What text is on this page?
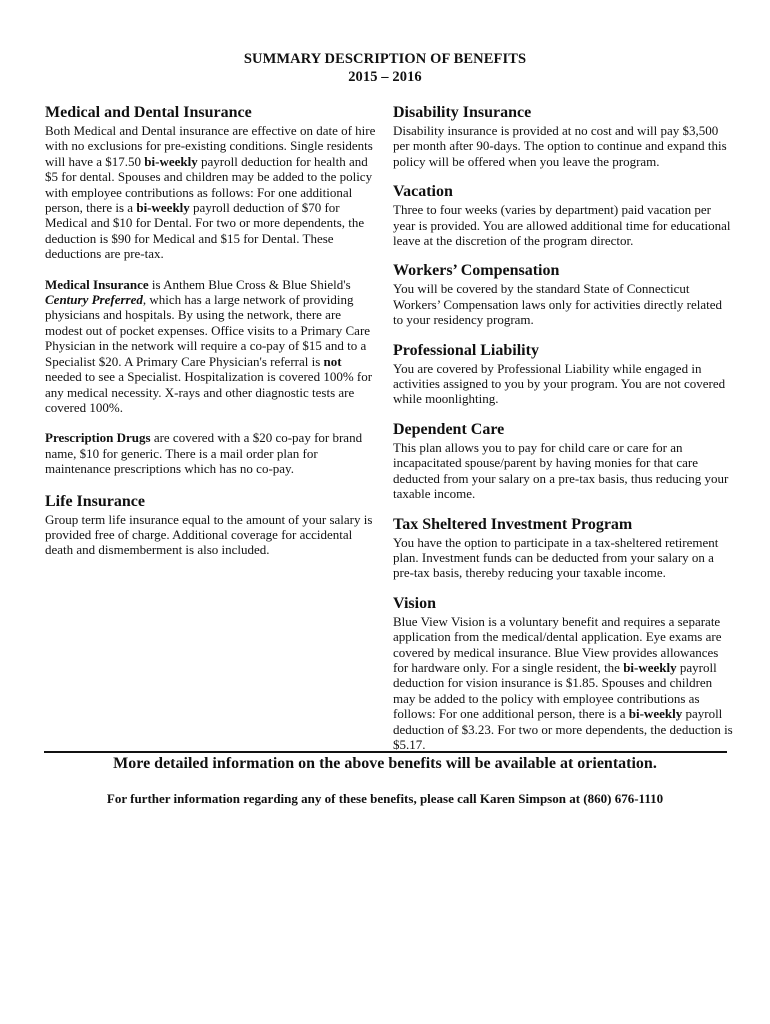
SUMMARY DESCRIPTION OF BENEFITS
2015 – 2016
Medical and Dental Insurance

Both Medical and Dental insurance are effective on date of hire with no exclusions for pre-existing conditions. Single residents will have a $17.50 bi-weekly payroll deduction for health and $5 for dental. Spouses and children may be added to the policy with employee contributions as follows: For one additional person, there is a bi-weekly payroll deduction of $70 for Medical and $10 for Dental. For two or more dependents, the deduction is $90 for Medical and $15 for Dental. These deductions are pre-tax.

Medical Insurance is Anthem Blue Cross & Blue Shield's Century Preferred, which has a large network of providing physicians and hospitals. By using the network, there are modest out of pocket expenses. Office visits to a Primary Care Physician in the network will require a co-pay of $15 and to a Specialist $20. A Primary Care Physician's referral is not needed to see a Specialist. Hospitalization is covered 100% for any medical necessity. X-rays and other diagnostic tests are covered 100%.

Prescription Drugs are covered with a $20 co-pay for brand name, $10 for generic. There is a mail order plan for maintenance prescriptions which has no co-pay.

Life Insurance

Group term life insurance equal to the amount of your salary is provided free of charge. Additional coverage for accidental death and dismemberment is also included.

Disability Insurance

Disability insurance is provided at no cost and will pay $3,500 per month after 90-days. The option to continue and expand this policy will be offered when you leave the program.

Vacation

Three to four weeks (varies by department) paid vacation per year is provided. You are allowed additional time for educational leave at the discretion of the program director.

Workers’ Compensation

You will be covered by the standard State of Connecticut Workers’ Compensation laws only for activities directly related to your residency program.

Professional Liability

You are covered by Professional Liability while engaged in activities assigned to you by your program. You are not covered while moonlighting.

Dependent Care

This plan allows you to pay for child care or care for an incapacitated spouse/parent by having monies for that care deducted from your salary on a pre-tax basis, thus reducing your taxable income.

Tax Sheltered Investment Program

You have the option to participate in a tax-sheltered retirement plan. Investment funds can be deducted from your salary on a pre-tax basis, thereby reducing your taxable income.

Vision

Blue View Vision is a voluntary benefit and requires a separate application from the medical/dental application. Eye exams are covered by medical insurance. Blue View provides allowances for hardware only. For a single resident, the bi-weekly payroll deduction for vision insurance is $1.85. Spouses and children may be added to the policy with employee contributions as follows: For one additional person, there is a bi-weekly payroll deduction of $3.23. For two or more dependents, the deduction is $5.17.

More detailed information on the above benefits will be available at orientation.
For further information regarding any of these benefits, please call Karen Simpson at (860) 676-1110
